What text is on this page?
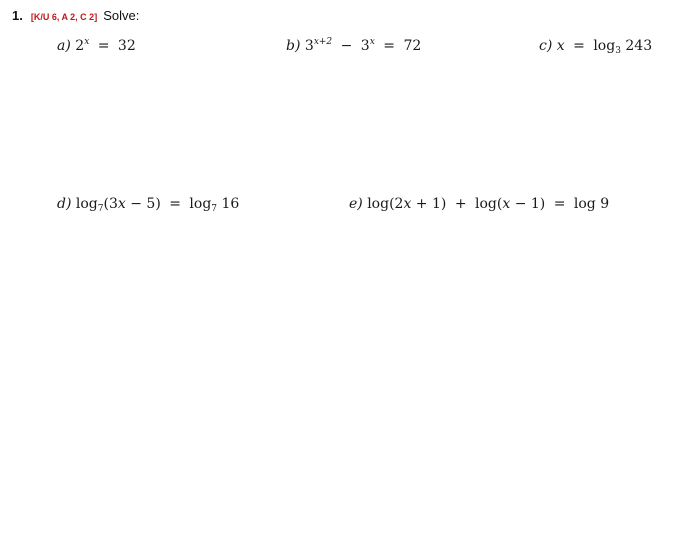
1. [K/U 6, A 2, C 2] Solve:
a) $2^x = 32$	b) $3^{x+2} - 3^x = 72$	c) $x = \log_3 243$
d) $\log_7(3x - 5) = \log_7 16$	e) log(2x + 1) + log(x − 1) = log 9
